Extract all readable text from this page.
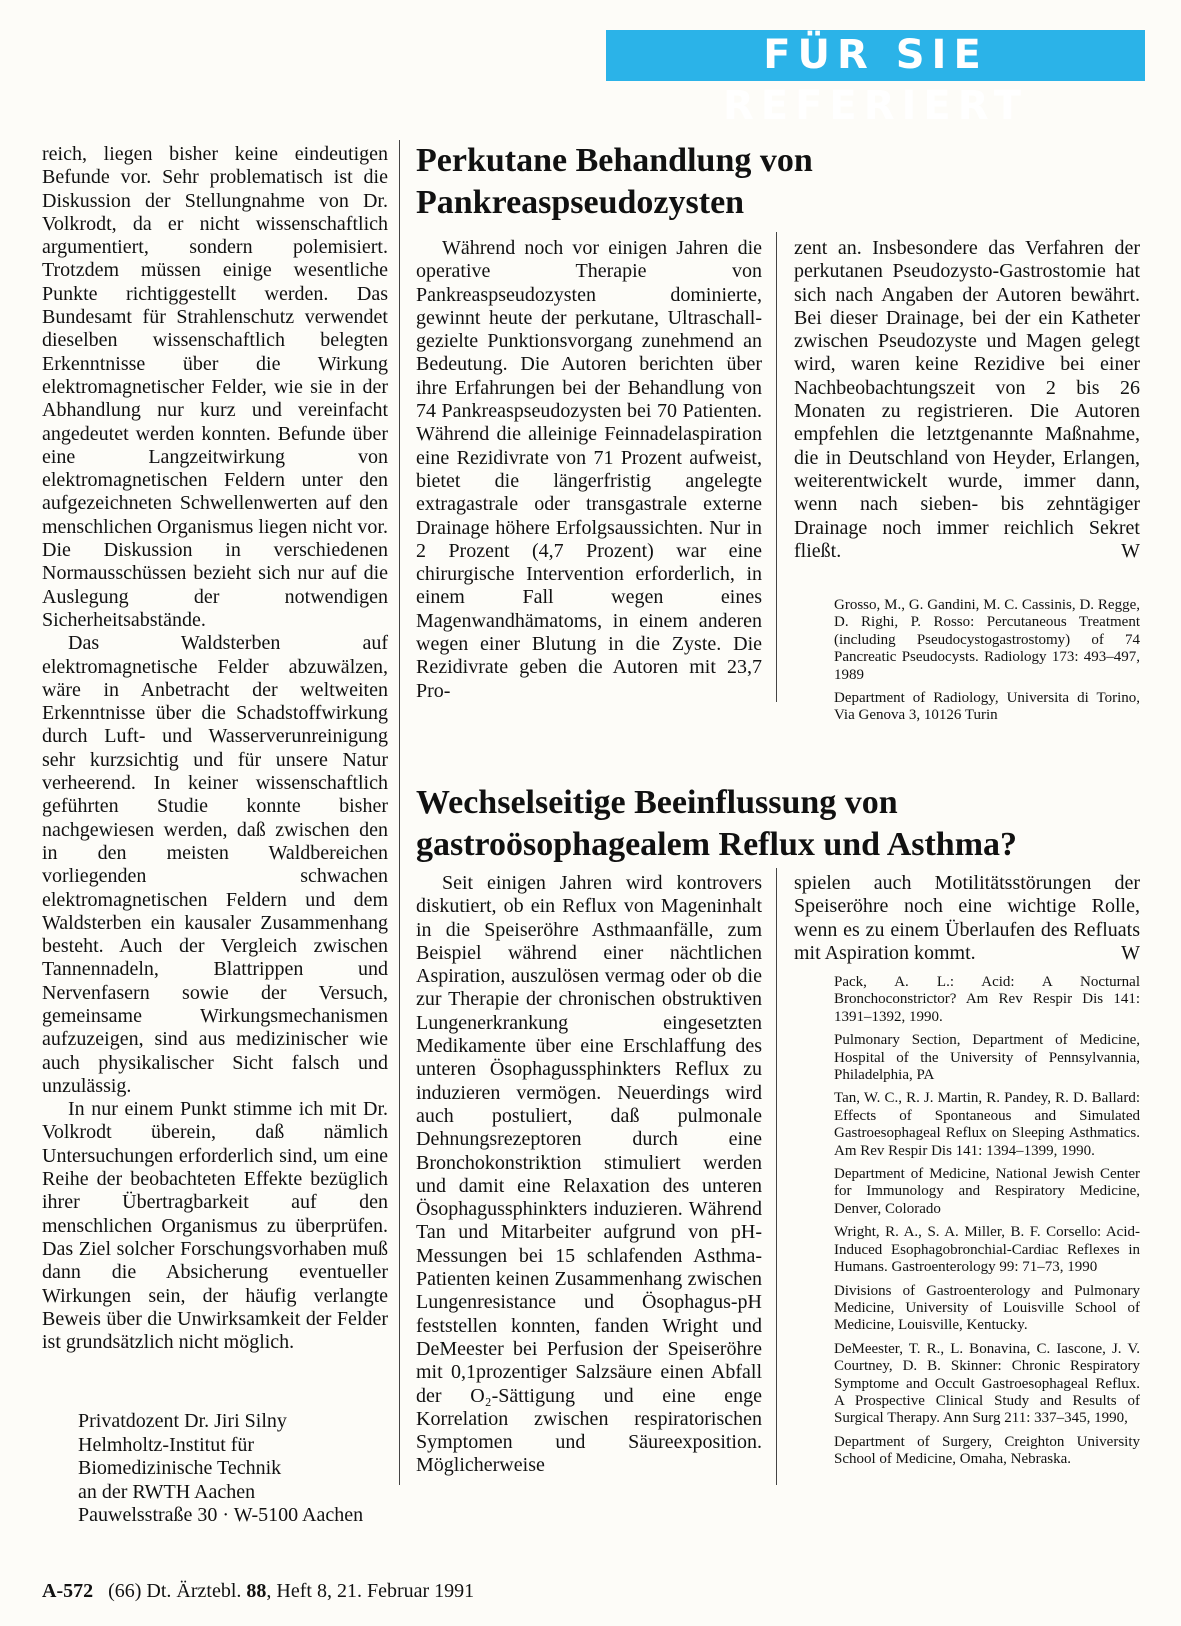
FÜR SIE REFERIERT

reich, liegen bisher keine eindeutigen Befunde vor. Sehr problematisch ist die Diskussion der Stellungnahme von Dr. Volkrodt, da er nicht wissenschaftlich argumentiert, sondern polemisiert. Trotzdem müssen einige wesentliche Punkte richtiggestellt werden. Das Bundesamt für Strahlenschutz verwendet dieselben wissenschaftlich belegten Erkenntnisse über die Wirkung elektromagnetischer Felder, wie sie in der Abhandlung nur kurz und vereinfacht angedeutet werden konnten. Befunde über eine Langzeitwirkung von elektromagnetischen Feldern unter den aufgezeichneten Schwellenwerten auf den menschlichen Organismus liegen nicht vor. Die Diskussion in verschiedenen Normausschüssen bezieht sich nur auf die Auslegung der notwendigen Sicherheitsabstände.

Das Waldsterben auf elektromagnetische Felder abzuwälzen, wäre in Anbetracht der weltweiten Erkenntnisse über die Schadstoffwirkung durch Luft- und Wasserverunreinigung sehr kurzsichtig und für unsere Natur verheerend. In keiner wissenschaftlich geführten Studie konnte bisher nachgewiesen werden, daß zwischen den in den meisten Waldbereichen vorliegenden schwachen elektromagnetischen Feldern und dem Waldsterben ein kausaler Zusammenhang besteht. Auch der Vergleich zwischen Tannennadeln, Blattrippen und Nervenfasern sowie der Versuch, gemeinsame Wirkungsmechanismen aufzuzeigen, sind aus medizinischer wie auch physikalischer Sicht falsch und unzulässig.

In nur einem Punkt stimme ich mit Dr. Volkrodt überein, daß nämlich Untersuchungen erforderlich sind, um eine Reihe der beobachteten Effekte bezüglich ihrer Übertragbarkeit auf den menschlichen Organismus zu überprüfen. Das Ziel solcher Forschungsvorhaben muß dann die Absicherung eventueller Wirkungen sein, der häufig verlangte Beweis über die Unwirksamkeit der Felder ist grundsätzlich nicht möglich.

Privatdozent Dr. Jiri Silny
Helmholtz-Institut für
Biomedizinische Technik
an der RWTH Aachen
Pauwelsstraße 30 · W-5100 Aachen
Perkutane Behandlung von Pankreaspseudozysten

Während noch vor einigen Jahren die operative Therapie von Pankreaspseudozysten dominierte, gewinnt heute der perkutane, Ultraschall-gezielte Punktionsvorgang zunehmend an Bedeutung. Die Autoren berichten über ihre Erfahrungen bei der Behandlung von 74 Pankreaspseudozysten bei 70 Patienten. Während die alleinige Feinnadelaspiration eine Rezidivrate von 71 Prozent aufweist, bietet die längerfristig angelegte extragastrale oder transgastrale externe Drainage höhere Erfolgsaussichten. Nur in 2 Prozent (4,7 Prozent) war eine chirurgische Intervention erforderlich, in einem Fall wegen eines Magenwandhämatoms, in einem anderen wegen einer Blutung in die Zyste. Die Rezidivrate geben die Autoren mit 23,7 Pro-

zent an. Insbesondere das Verfahren der perkutanen Pseudozysto-Gastrostomie hat sich nach Angaben der Autoren bewährt. Bei dieser Drainage, bei der ein Katheter zwischen Pseudozyste und Magen gelegt wird, waren keine Rezidive bei einer Nachbeobachtungszeit von 2 bis 26 Monaten zu registrieren. Die Autoren empfehlen die letztgenannte Maßnahme, die in Deutschland von Heyder, Erlangen, weiterentwickelt wurde, immer dann, wenn nach sieben- bis zehntägiger Drainage noch immer reichlich Sekret fließt.	W

Grosso, M., G. Gandini, M. C. Cassinis, D. Regge, D. Righi, P. Rosso: Percutaneous Treatment (including Pseudocystogastrostomy) of 74 Pancreatic Pseudocysts. Radiology 173: 493–497, 1989

Department of Radiology, Universita di Torino, Via Genova 3, 10126 Turin

Wechselseitige Beeinflussung von gastroösophagealem Reflux und Asthma?

Seit einigen Jahren wird kontrovers diskutiert, ob ein Reflux von Mageninhalt in die Speiseröhre Asthmaanfälle, zum Beispiel während einer nächtlichen Aspiration, auszulösen vermag oder ob die zur Therapie der chronischen obstruktiven Lungenerkrankung eingesetzten Medikamente über eine Erschlaffung des unteren Ösophagussphinkters Reflux zu induzieren vermögen. Neuerdings wird auch postuliert, daß pulmonale Dehnungsrezeptoren durch eine Bronchokonstriktion stimuliert werden und damit eine Relaxation des unteren Ösophagussphinkters induzieren. Während Tan und Mitarbeiter aufgrund von pH-Messungen bei 15 schlafenden Asthma-Patienten keinen Zusammenhang zwischen Lungenresistance und Ösophagus-pH feststellen konnten, fanden Wright und DeMeester bei Perfusion der Speiseröhre mit 0,1prozentiger Salzsäure einen Abfall der O₂-Sättigung und eine enge Korrelation zwischen respiratorischen Symptomen und Säureexposition. Möglicherweise

spielen auch Motilitätsstörungen der Speiseröhre noch eine wichtige Rolle, wenn es zu einem Überlaufen des Refluats mit Aspiration kommt.	W

Pack, A. L.: Acid: A Nocturnal Bronchoconstrictor? Am Rev Respir Dis 141: 1391–1392, 1990.

Pulmonary Section, Department of Medicine, Hospital of the University of Pennsylvannia, Philadelphia, PA

Tan, W. C., R. J. Martin, R. Pandey, R. D. Ballard: Effects of Spontaneous and Simulated Gastroesophageal Reflux on Sleeping Asthmatics. Am Rev Respir Dis 141: 1394–1399, 1990.

Department of Medicine, National Jewish Center for Immunology and Respiratory Medicine, Denver, Colorado

Wright, R. A., S. A. Miller, B. F. Corsello: Acid-Induced Esophagobronchial-Cardiac Reflexes in Humans. Gastroenterology 99: 71–73, 1990

Divisions of Gastroenterology and Pulmonary Medicine, University of Louisville School of Medicine, Louisville, Kentucky.

DeMeester, T. R., L. Bonavina, C. Iascone, J. V. Courtney, D. B. Skinner: Chronic Respiratory Symptome and Occult Gastroesophageal Reflux. A Prospective Clinical Study and Results of Surgical Therapy. Ann Surg 211: 337–345, 1990,

Department of Surgery, Creighton University School of Medicine, Omaha, Nebraska.

A-572 (66) Dt. Ärztebl. 88, Heft 8, 21. Februar 1991
